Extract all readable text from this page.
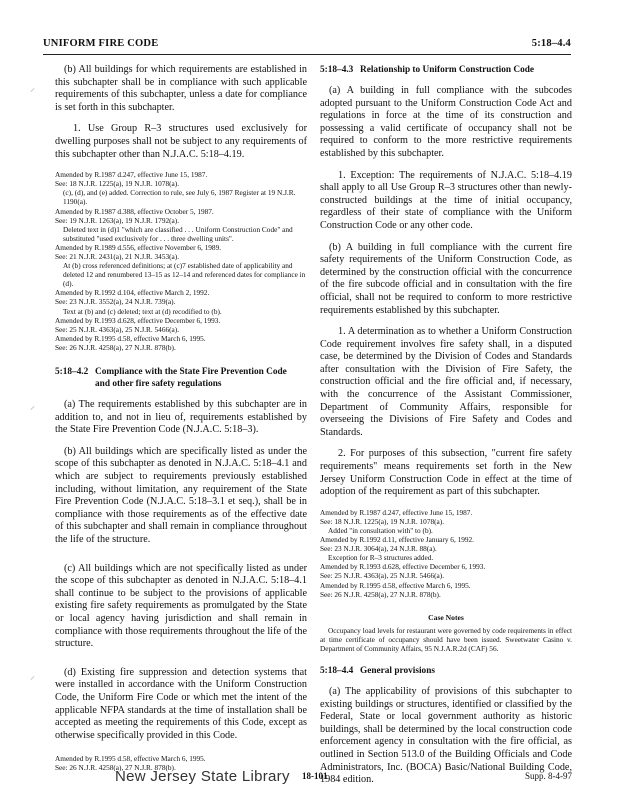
UNIFORM FIRE CODE	5:18–4.4
⸝
⸝
⸝

(b) All buildings for which requirements are established in this subchapter shall be in compliance with such applicable requirements of this subchapter, unless a date for compliance is set forth in this subchapter.

1. Use Group R–3 structures used exclusively for dwelling purposes shall not be subject to any requirements of this subchapter other than N.J.A.C. 5:18–4.19.

Amended by R.1987 d.247, effective June 15, 1987.
See: 18 N.J.R. 1225(a), 19 N.J.R. 1078(a).
(c), (d), and (e) added. Correction to rule, see July 6, 1987 Register at 19 N.J.R. 1190(a).
Amended by R.1987 d.388, effective October 5, 1987.
See: 19 N.J.R. 1263(a), 19 N.J.R. 1792(a).
Deleted text in (d)1 "which are classified . . . Uniform Construction Code" and substituted "used exclusively for . . . three dwelling units".
Amended by R.1989 d.556, effective November 6, 1989.
See: 21 N.J.R. 2431(a), 21 N.J.R. 3453(a).
At (b) cross referenced definitions; at (c)7 established date of applicability and deleted 12 and renumbered 13–15 as 12–14 and referenced dates for compliance in (d).
Amended by R.1992 d.104, effective March 2, 1992.
See: 23 N.J.R. 3552(a), 24 N.J.R. 739(a).
Text at (b) and (c) deleted; text at (d) recodified to (b).
Amended by R.1993 d.628, effective December 6, 1993.
See: 25 N.J.R. 4363(a), 25 N.J.R. 5466(a).
Amended by R.1995 d.58, effective March 6, 1995.
See: 26 N.J.R. 4258(a), 27 N.J.R. 878(b).
5:18–4.2 Compliance with the State Fire Prevention Code
and other fire safety regulations

(a) The requirements established by this subchapter are in addition to, and not in lieu of, requirements established by the State Fire Prevention Code (N.J.A.C. 5:18–3).

(b) All buildings which are specifically listed as under the scope of this subchapter as denoted in N.J.A.C. 5:18–4.1 and which are subject to requirements previously established including, without limitation, any requirement of the State Fire Prevention Code (N.J.A.C. 5:18–3.1 et seq.), shall be in compliance with those requirements as of the effective date of this subchapter and shall remain in compliance throughout the life of the structure.

(c) All buildings which are not specifically listed as under the scope of this subchapter as denoted in N.J.A.C. 5:18–4.1 shall continue to be subject to the provisions of applicable existing fire safety requirements as promulgated by the State or local agency having jurisdiction and shall remain in compliance with those requirements throughout the life of the structure.

(d) Existing fire suppression and detection systems that were installed in accordance with the Uniform Construction Code, the Uniform Fire Code or which met the intent of the applicable NFPA standards at the time of installation shall be accepted as meeting the requirements of this Code, except as otherwise specifically provided in this Code.

Amended by R.1995 d.58, effective March 6, 1995.
See: 26 N.J.R. 4258(a), 27 N.J.R. 878(b).
5:18–4.3 Relationship to Uniform Construction Code

(a) A building in full compliance with the subcodes adopted pursuant to the Uniform Construction Code Act and regulations in force at the time of its construction and possessing a valid certificate of occupancy shall not be required to conform to the more restrictive requirements established by this subchapter.

1. Exception: The requirements of N.J.A.C. 5:18–4.19 shall apply to all Use Group R–3 structures other than newly-constructed buildings at the time of initial occupancy, regardless of their state of compliance with the Uniform Construction Code or any other code.

(b) A building in full compliance with the current fire safety requirements of the Uniform Construction Code, as determined by the construction official with the concurrence of the fire subcode official and in consultation with the fire official, shall not be required to conform to more restrictive requirements established by this subchapter.

1. A determination as to whether a Uniform Construction Code requirement involves fire safety shall, in a disputed case, be determined by the Division of Codes and Standards after consultation with the Division of Fire Safety, the construction official and the fire official and, if necessary, with the concurrence of the Assistant Commissioner, Department of Community Affairs, responsible for overseeing the Divisions of Fire Safety and Codes and Standards.

2. For purposes of this subsection, "current fire safety requirements" means requirements set forth in the New Jersey Uniform Construction Code in effect at the time of adoption of the requirement as part of this subchapter.

Amended by R.1987 d.247, effective June 15, 1987.
See: 18 N.J.R. 1225(a), 19 N.J.R. 1078(a).
Added "in consultation with" to (b).
Amended by R.1992 d.11, effective January 6, 1992.
See: 23 N.J.R. 3064(a), 24 N.J.R. 88(a).
Exception for R–3 structures added.
Amended by R.1993 d.628, effective December 6, 1993.
See: 25 N.J.R. 4363(a), 25 N.J.R. 5466(a).
Amended by R.1995 d.58, effective March 6, 1995.
See: 26 N.J.R. 4258(a), 27 N.J.R. 878(b).
Case Notes

Occupancy load levels for restaurant were governed by code requirements in effect at time certificate of occupancy should have been issued. Sweetwater Casino v. Department of Community Affairs, 95 N.J.A.R.2d (CAF) 56.

5:18–4.4 General provisions

(a) The applicability of provisions of this subchapter to existing buildings or structures, identified or classified by the Federal, State or local government authority as historic buildings, shall be determined by the local construction code enforcement agency in consultation with the fire official, as outlined in Section 513.0 of the Building Officials and Code Administrators, Inc. (BOCA) Basic/National Building Code, 1984 edition.

New Jersey State Library 18-101	Supp. 8-4-97
